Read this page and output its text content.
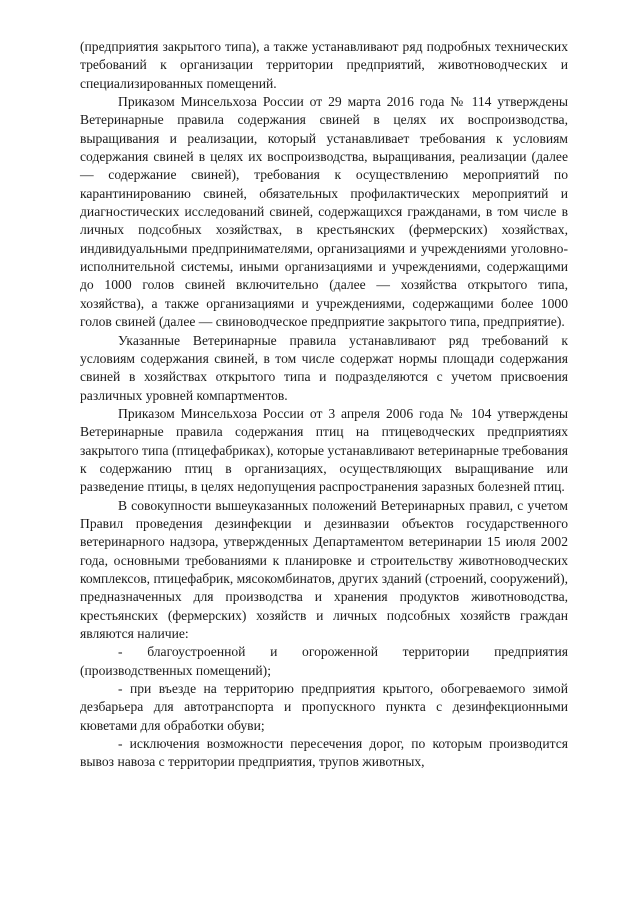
(предприятия закрытого типа), а также устанавливают ряд подробных технических требований к организации территории предприятий, животноводческих и специализированных помещений.

Приказом Минсельхоза России от 29 марта 2016 года № 114 утверждены Ветеринарные правила содержания свиней в целях их воспроизводства, выращивания и реализации, который устанавливает требования к условиям содержания свиней в целях их воспроизводства, выращивания, реализации (далее — содержание свиней), требования к осуществлению мероприятий по карантинированию свиней, обязательных профилактических мероприятий и диагностических исследований свиней, содержащихся гражданами, в том числе в личных подсобных хозяйствах, в крестьянских (фермерских) хозяйствах, индивидуальными предпринимателями, организациями и учреждениями уголовно-исполнительной системы, иными организациями и учреждениями, содержащими до 1000 голов свиней включительно (далее — хозяйства открытого типа, хозяйства), а также организациями и учреждениями, содержащими более 1000 голов свиней (далее — свиноводческое предприятие закрытого типа, предприятие).

Указанные Ветеринарные правила устанавливают ряд требований к условиям содержания свиней, в том числе содержат нормы площади содержания свиней в хозяйствах открытого типа и подразделяются с учетом присвоения различных уровней компартментов.

Приказом Минсельхоза России от 3 апреля 2006 года № 104 утверждены Ветеринарные правила содержания птиц на птицеводческих предприятиях закрытого типа (птицефабриках), которые устанавливают ветеринарные требования к содержанию птиц в организациях, осуществляющих выращивание или разведение птицы, в целях недопущения распространения заразных болезней птиц.

В совокупности вышеуказанных положений Ветеринарных правил, с учетом Правил проведения дезинфекции и дезинвазии объектов государственного ветеринарного надзора, утвержденных Департаментом ветеринарии 15 июля 2002 года, основными требованиями к планировке и строительству животноводческих комплексов, птицефабрик, мясокомбинатов, других зданий (строений, сооружений), предназначенных для производства и хранения продуктов животноводства, крестьянских (фермерских) хозяйств и личных подсобных хозяйств граждан являются наличие:

- благоустроенной и огороженной территории предприятия (производственных помещений);

- при въезде на территорию предприятия крытого, обогреваемого зимой дезбарьера для автотранспорта и пропускного пункта с дезинфекционными кюветами для обработки обуви;

- исключения возможности пересечения дорог, по которым производится вывоз навоза с территории предприятия, трупов животных,
